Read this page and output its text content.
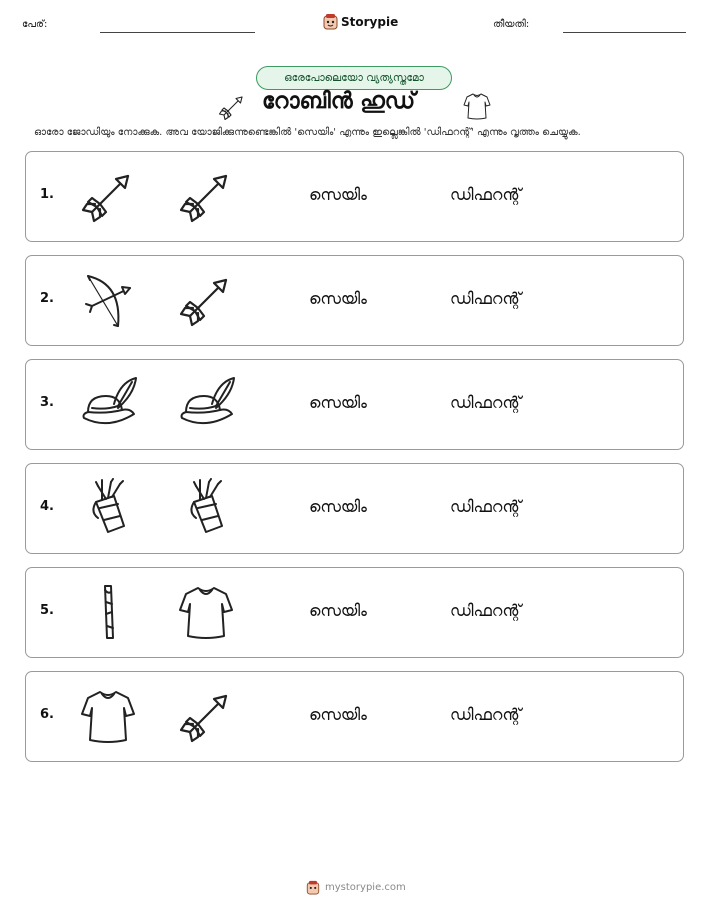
പേര്:	Storypie	തീയതി:
ഒരേപോലെയോ വ്യത്യസ്തമോ
റോബിൻ ഹുഡ്
ഓരോ ജോഡിയും നോക്കുക. അവ യോജിക്കുന്നുണ്ടെങ്കിൽ 'സെയിം' എന്നും ഇല്ലെങ്കിൽ 'ഡിഫറന്റ്' എന്നും വൃത്തം ചെയ്യുക.
1.	സെയിം	ഡിഫറന്റ്
2.	സെയിം	ഡിഫറന്റ്
3.	സെയിം	ഡിഫറന്റ്
4.	സെയിം	ഡിഫറന്റ്
5.	സെയിം	ഡിഫറന്റ്
6.	സെയിം	ഡിഫറന്റ്
mystorypie.com
